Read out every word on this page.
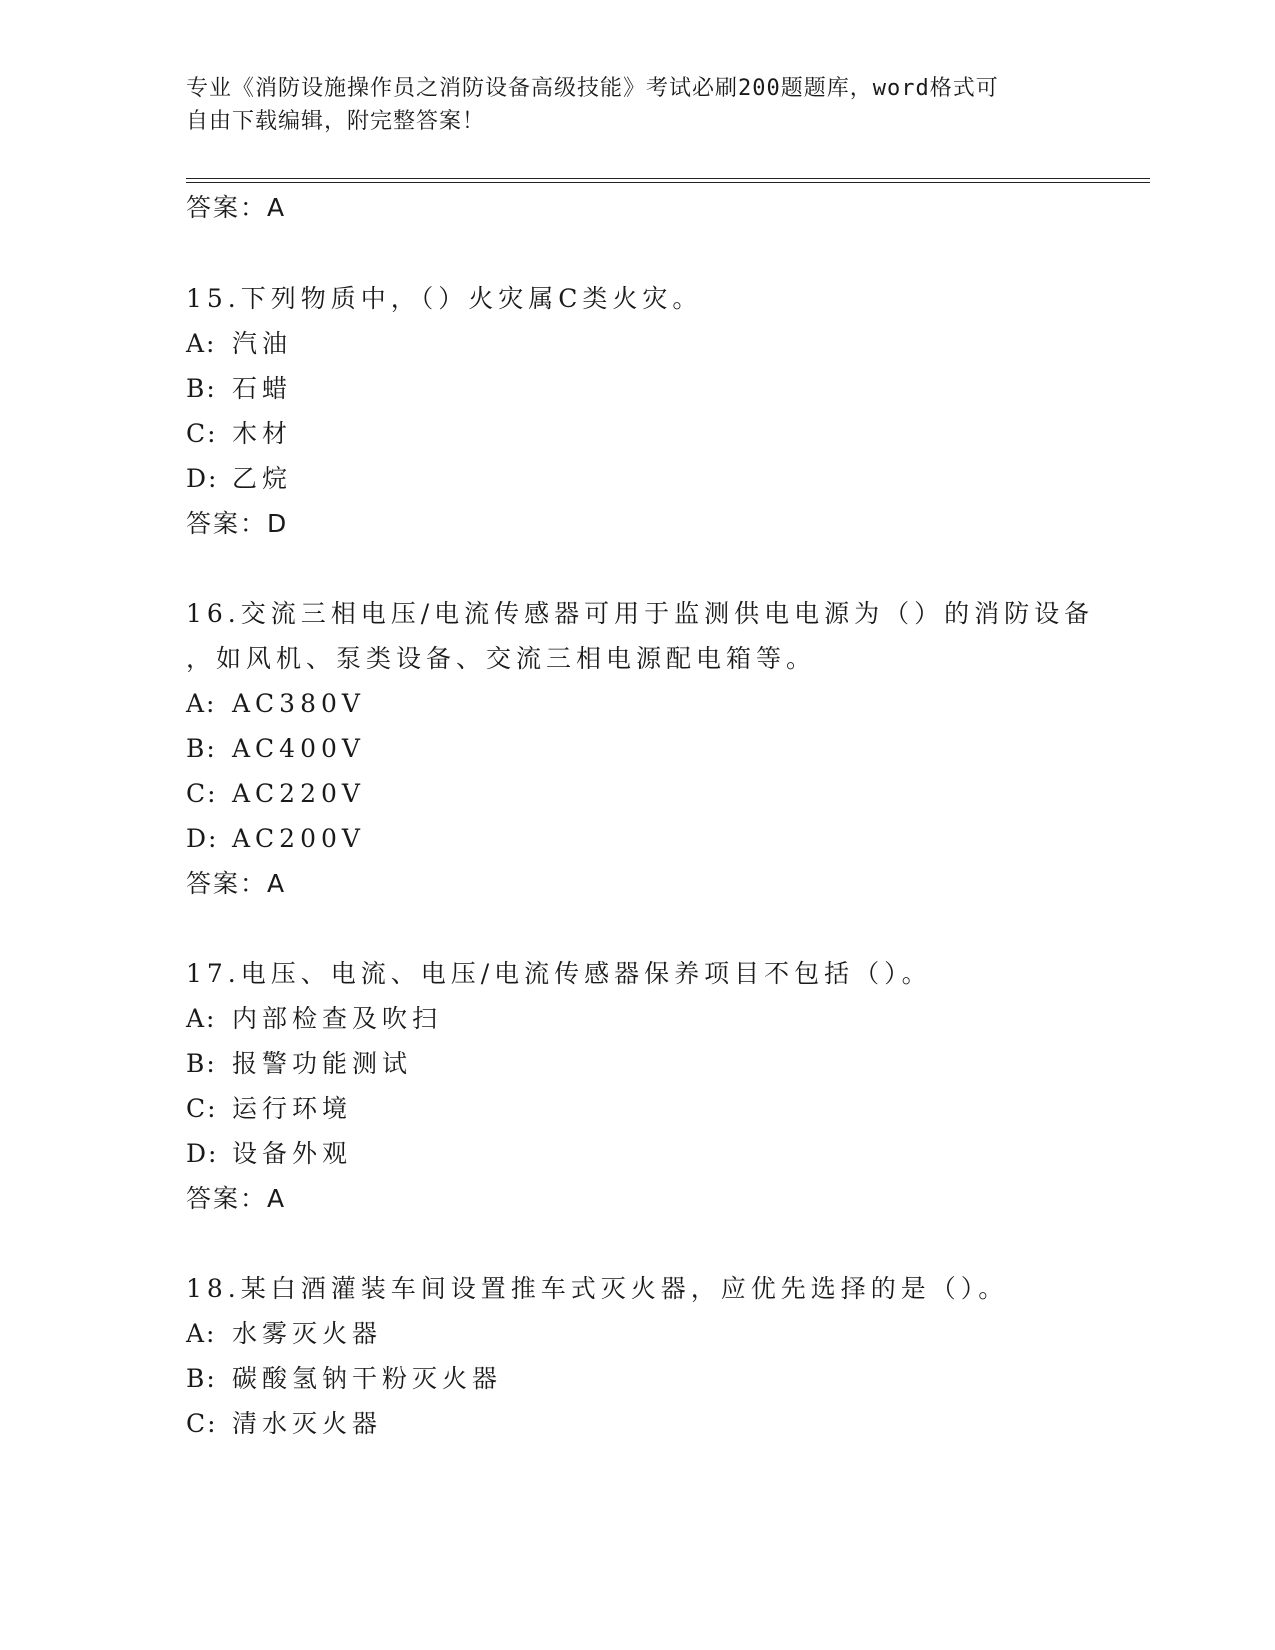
专业《消防设施操作员之消防设备高级技能》考试必刷200题题库，word格式可
自由下载编辑，附完整答案！
答案：A
15.下列物质中，（）火灾属C类火灾。
A: 汽油
B: 石蜡
C: 木材
D: 乙烷
答案：D
16.交流三相电压/电流传感器可用于监测供电电源为（）的消防设备
，如风机、泵类设备、交流三相电源配电箱等。
A: AC380V
B: AC400V
C: AC220V
D: AC200V
答案：A
17.电压、电流、电压/电流传感器保养项目不包括（）。
A: 内部检查及吹扫
B: 报警功能测试
C: 运行环境
D: 设备外观
答案：A
18.某白酒灌装车间设置推车式灭火器，应优先选择的是（）。
A: 水雾灭火器
B: 碳酸氢钠干粉灭火器
C: 清水灭火器
